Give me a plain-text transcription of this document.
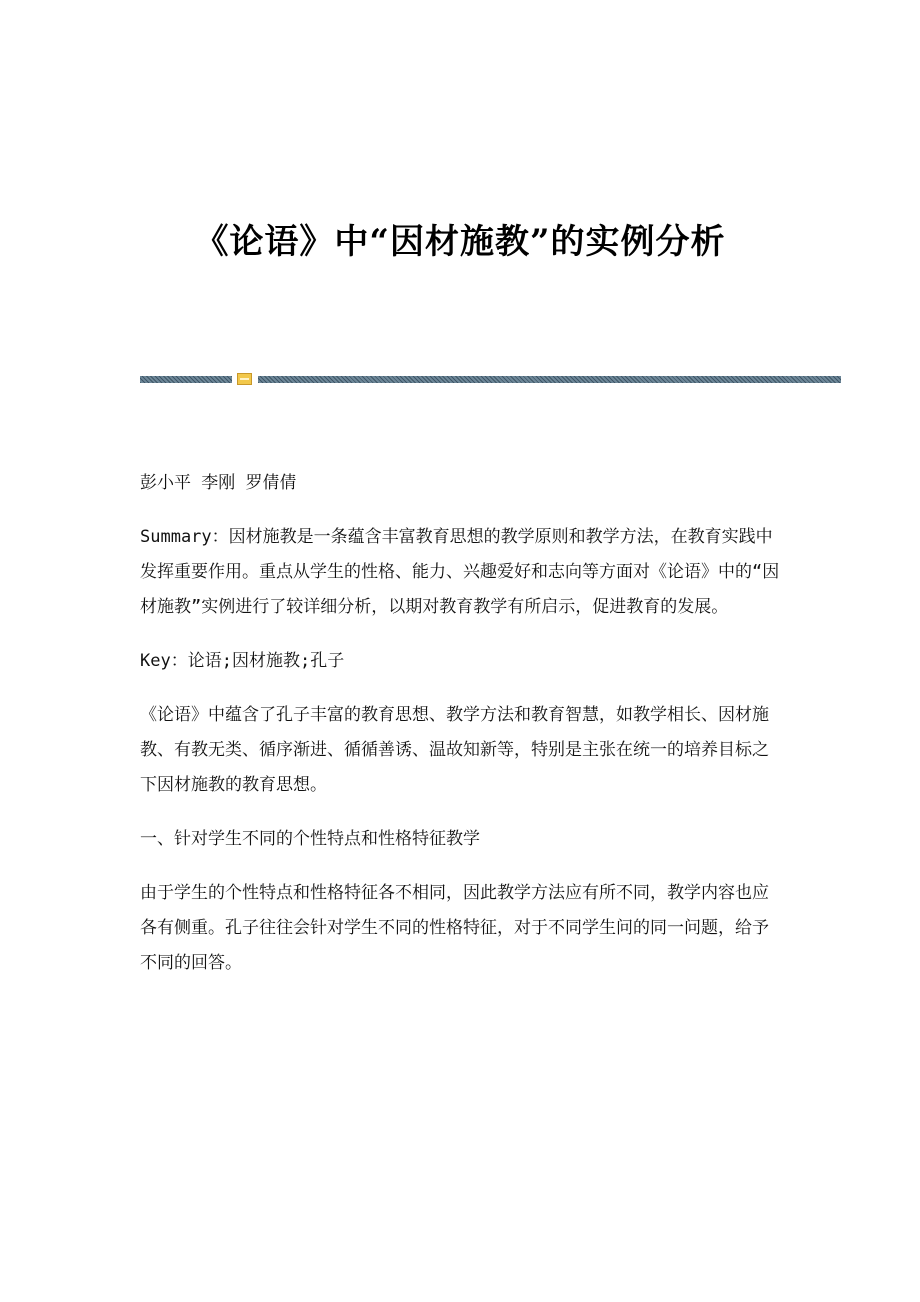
《论语》中“因材施教”的实例分析

彭小平 李刚 罗倩倩

Summary：因材施教是一条蕴含丰富教育思想的教学原则和教学方法，在教育实践中发挥重要作用。重点从学生的性格、能力、兴趣爱好和志向等方面对《论语》中的“因材施教”实例进行了较详细分析，以期对教育教学有所启示，促进教育的发展。

Key：论语;因材施教;孔子

《论语》中蕴含了孔子丰富的教育思想、教学方法和教育智慧，如教学相长、因材施教、有教无类、循序渐进、循循善诱、温故知新等，特别是主张在统一的培养目标之下因材施教的教育思想。

一、针对学生不同的个性特点和性格特征教学

由于学生的个性特点和性格特征各不相同，因此教学方法应有所不同，教学内容也应各有侧重。孔子往往会针对学生不同的性格特征，对于不同学生问的同一问题，给予不同的回答。
